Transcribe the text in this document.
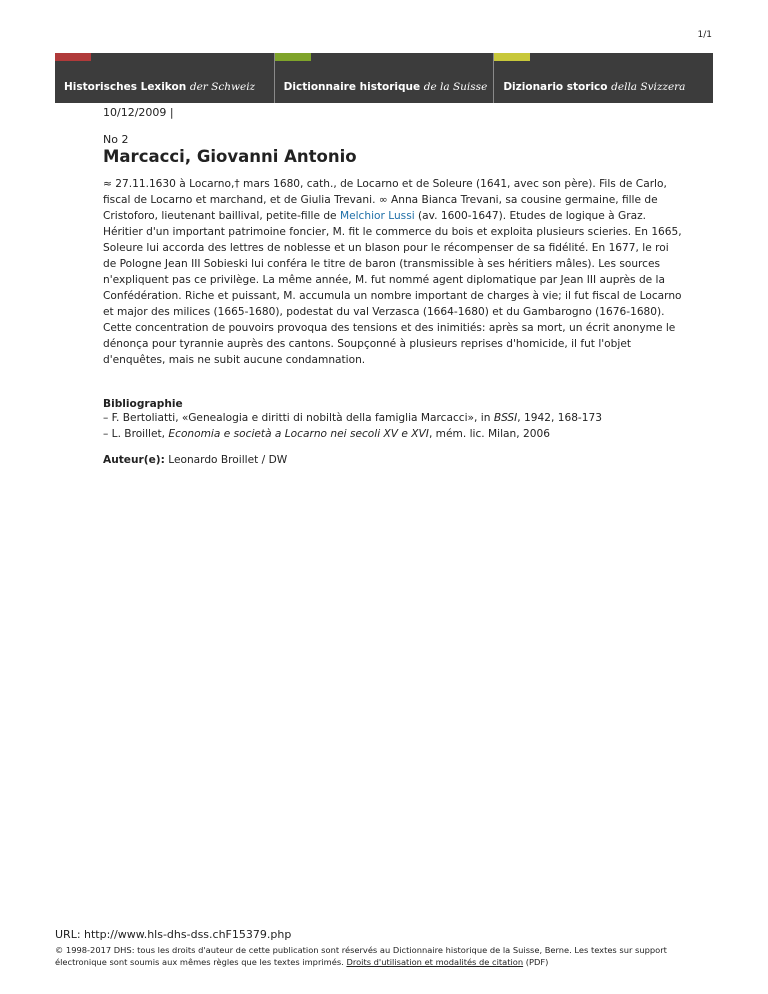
1/1
Historisches Lexikon der Schweiz	Dictionnaire historique de la Suisse Dizionario storico della Svizzera
10/12/2009 |
No 2
Marcacci, Giovanni Antonio

≈ 27.11.1630 à Locarno,† mars 1680, cath., de Locarno et de Soleure (1641, avec son père). Fils de Carlo, fiscal de Locarno et marchand, et de Giulia Trevani. ∞ Anna Bianca Trevani, sa cousine germaine, fille de Cristoforo, lieutenant baillival, petite-fille de Melchior Lussi (av. 1600-1647). Etudes de logique à Graz. Héritier d'un important patrimoine foncier, M. fit le commerce du bois et exploita plusieurs scieries. En 1665, Soleure lui accorda des lettres de noblesse et un blason pour le récompenser de sa fidélité. En 1677, le roi de Pologne Jean III Sobieski lui conféra le titre de baron (transmissible à ses héritiers mâles). Les sources n'expliquent pas ce privilège. La même année, M. fut nommé agent diplomatique par Jean III auprès de la Confédération. Riche et puissant, M. accumula un nombre important de charges à vie; il fut fiscal de Locarno et major des milices (1665-1680), podestat du val Verzasca (1664-1680) et du Gambarogno (1676-1680). Cette concentration de pouvoirs provoqua des tensions et des inimitiés: après sa mort, un écrit anonyme le dénonça pour tyrannie auprès des cantons. Soupçonné à plusieurs reprises d'homicide, il fut l'objet d'enquêtes, mais ne subit aucune condamnation.

Bibliographie
– F. Bertoliatti, «Genealogia e diritti di nobiltà della famiglia Marcacci», in BSSI, 1942, 168-173
– L. Broillet, Economia e società a Locarno nei secoli XV e XVI, mém. lic. Milan, 2006
Auteur(e): Leonardo Broillet / DW
URL: http://www.hls-dhs-dss.chF15379.php
© 1998-2017 DHS: tous les droits d'auteur de cette publication sont réservés au Dictionnaire historique de la Suisse, Berne. Les textes sur support électronique sont soumis aux mêmes règles que les textes imprimés. Droits d'utilisation et modalités de citation (PDF)
